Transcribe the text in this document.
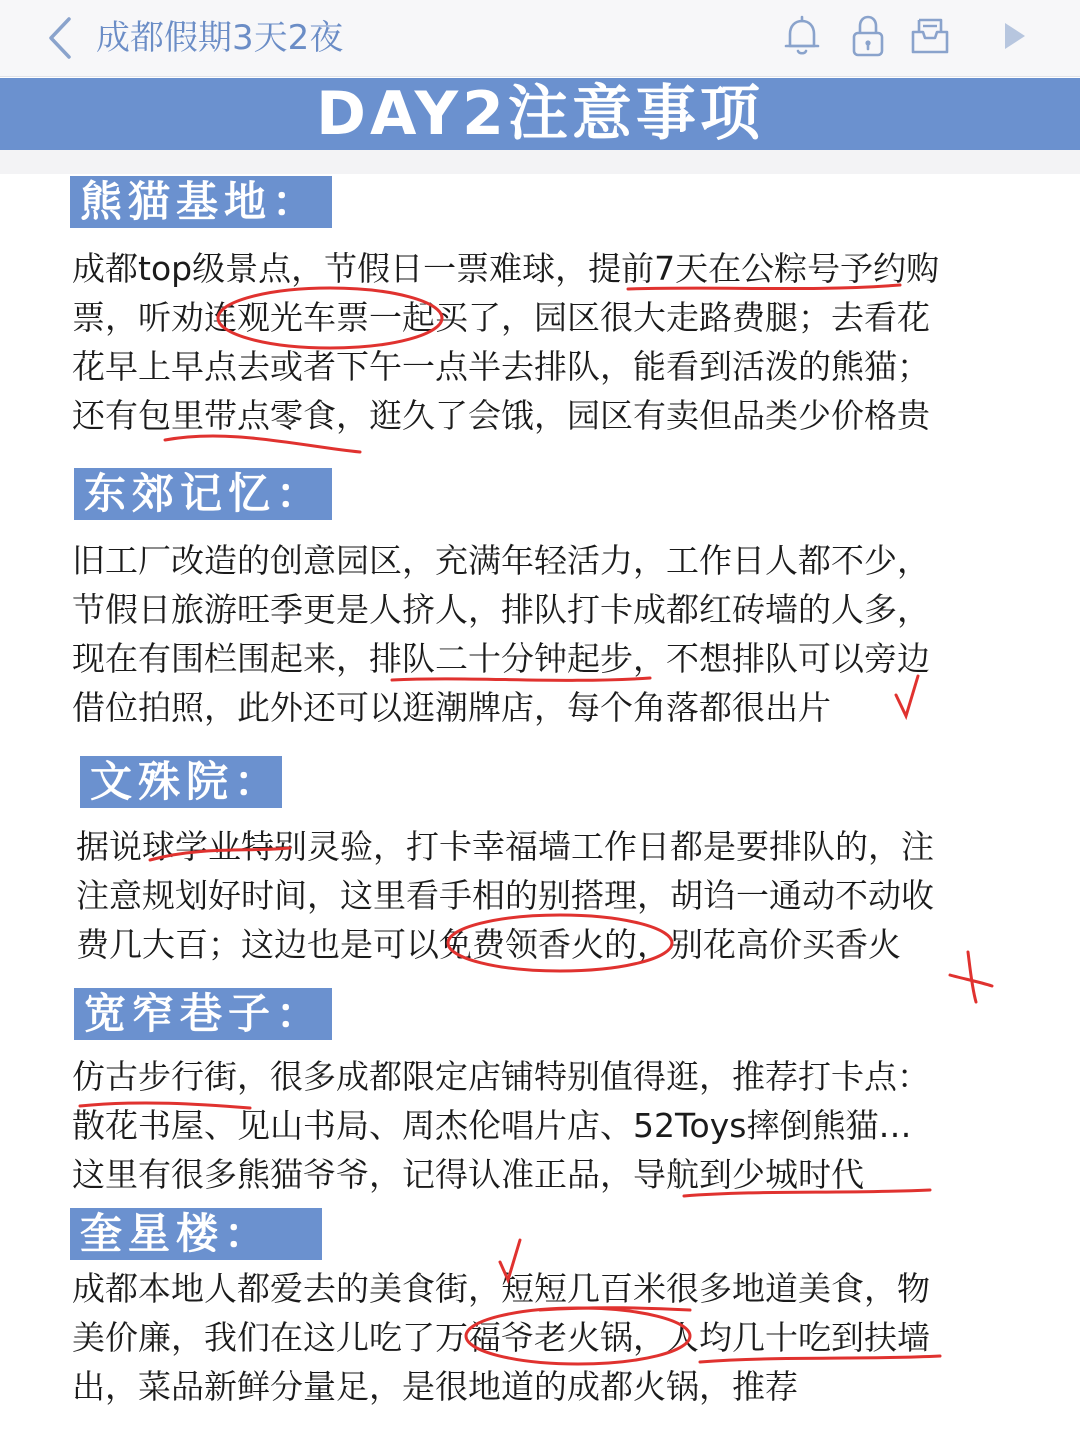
成都假期3天2夜
DAY2注意事项
熊猫基地：
成都top级景点，节假日一票难球，提前7天在公粽号予约购
票，听劝连观光车票一起买了，园区很大走路费腿；去看花
花早上早点去或者下午一点半去排队，能看到活泼的熊猫；
还有包里带点零食，逛久了会饿，园区有卖但品类少价格贵
东郊记忆：
旧工厂改造的创意园区，充满年轻活力，工作日人都不少，
节假日旅游旺季更是人挤人，排队打卡成都红砖墙的人多，
现在有围栏围起来，排队二十分钟起步，不想排队可以旁边
借位拍照，此外还可以逛潮牌店，每个角落都很出片
文殊院：
据说球学业特别灵验，打卡幸福墙工作日都是要排队的，注
注意规划好时间，这里看手相的别搭理，胡诌一通动不动收
费几大百；这边也是可以免费领香火的，别花高价买香火
宽窄巷子：
仿古步行街，很多成都限定店铺特别值得逛，推荐打卡点：
散花书屋、见山书局、周杰伦唱片店、52Toys摔倒熊猫…
这里有很多熊猫爷爷，记得认准正品，导航到少城时代
奎星楼：
成都本地人都爱去的美食街，短短几百米很多地道美食，物
美价廉，我们在这儿吃了万福爷老火锅，人均几十吃到扶墙
出，菜品新鲜分量足，是很地道的成都火锅，推荐
